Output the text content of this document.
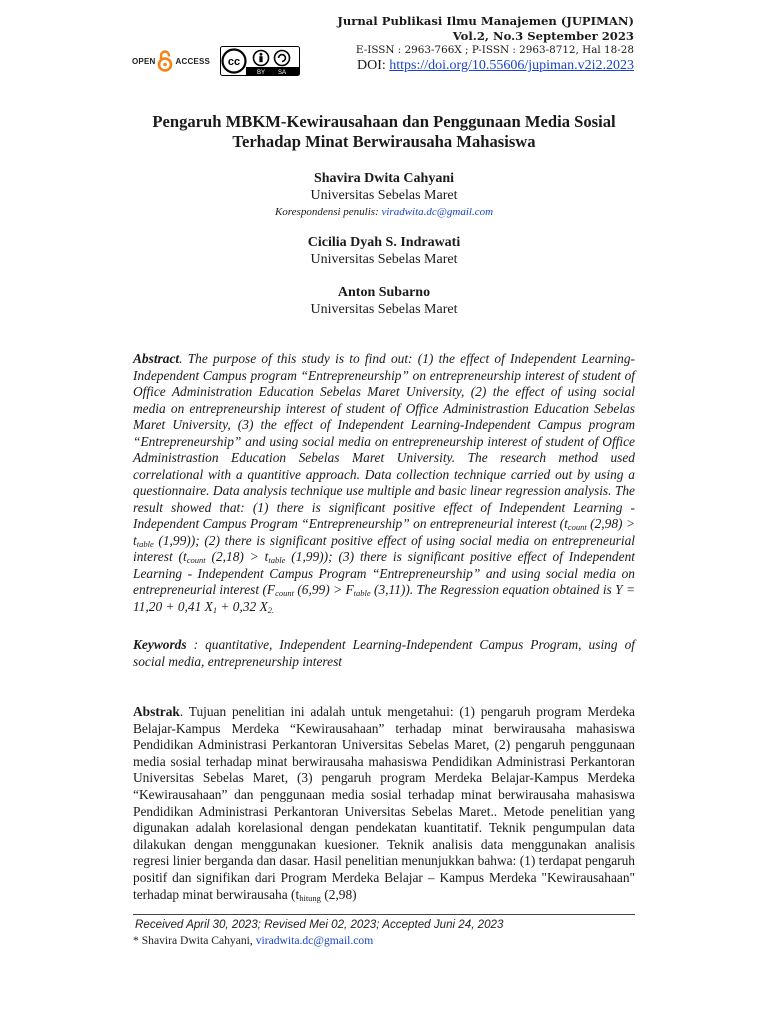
OPEN	ACCESS cc
BY SA
Jurnal Publikasi Ilmu Manajemen (JUPIMAN)
Vol.2, No.3 September 2023
E-ISSN : 2963-766X ; P-ISSN : 2963-8712, Hal 18-28
DOI: https://doi.org/10.55606/jupiman.v2i2.2023
Pengaruh MBKM-Kewirausahaan dan Penggunaan Media Sosial
Terhadap Minat Berwirausaha Mahasiswa
Shavira Dwita Cahyani
Universitas Sebelas Maret
Korespondensi penulis: viradwita.dc@gmail.com
Cicilia Dyah S. Indrawati
Universitas Sebelas Maret
Anton Subarno
Universitas Sebelas Maret
Abstract. The purpose of this study is to find out: (1) the effect of Independent Learning-Independent Campus program “Entrepreneurship” on entrepreneurship interest of student of Office Administration Education Sebelas Maret University, (2) the effect of using social media on entrepreneurship interest of student of Office Administrastion Education Sebelas Maret University, (3) the effect of Independent Learning-Independent Campus program “Entrepreneurship” and using social media on entrepreneurship interest of student of Office Administrastion Education Sebelas Maret University. The research method used correlational with a quantitive approach. Data collection technique carried out by using a questionnaire. Data analysis technique use multiple and basic linear regression analysis. The result showed that: (1) there is significant positive effect of Independent Learning - Independent Campus Program “Entrepreneurship” on entrepreneurial interest ($t_{count}$ $(2,98) > t_{table}$ (1,99)); (2) there is significant positive effect of using social media on entrepreneurial interest ($t_{count}$ $(2,18) > t_{table}$ (1,99)); (3) there is significant positive effect of Independent Learning - Independent Campus Program “Entrepreneurship” and using social media on entrepreneurial interest ($F_{count}$ $(6,99) > F_{table}$ (3,11)). The Regression equation obtained is Y = 11,20 + 0,41 $X_1 + 0,32$ $X_{2.}$
Keywords : quantitative, Independent Learning-Independent Campus Program, using of social media, entrepreneurship interest
Abstrak. Tujuan penelitian ini adalah untuk mengetahui: (1) pengaruh program Merdeka Belajar-Kampus Merdeka “Kewirausahaan” terhadap minat berwirausaha mahasiswa Pendidikan Administrasi Perkantoran Universitas Sebelas Maret, (2) pengaruh penggunaan media sosial terhadap minat berwirausaha mahasiswa Pendidikan Administrasi Perkantoran Universitas Sebelas Maret, (3) pengaruh program Merdeka Belajar-Kampus Merdeka “Kewirausahaan” dan penggunaan media sosial terhadap minat berwirausaha mahasiswa Pendidikan Administrasi Perkantoran Universitas Sebelas Maret.. Metode penelitian yang digunakan adalah korelasional dengan pendekatan kuantitatif. Teknik pengumpulan data dilakukan dengan menggunakan kuesioner. Teknik analisis data menggunakan analisis regresi linier berganda dan dasar. Hasil penelitian menunjukkan bahwa: (1) terdapat pengaruh positif dan signifikan dari Program Merdeka Belajar – Kampus Merdeka "Kewirausahaan" terhadap minat berwirausaha ($t_{hitung}$ (2,98)
Received April 30, 2023; Revised Mei 02, 2023; Accepted Juni 24, 2023
* Shavira Dwita Cahyani, viradwita.dc@gmail.com
